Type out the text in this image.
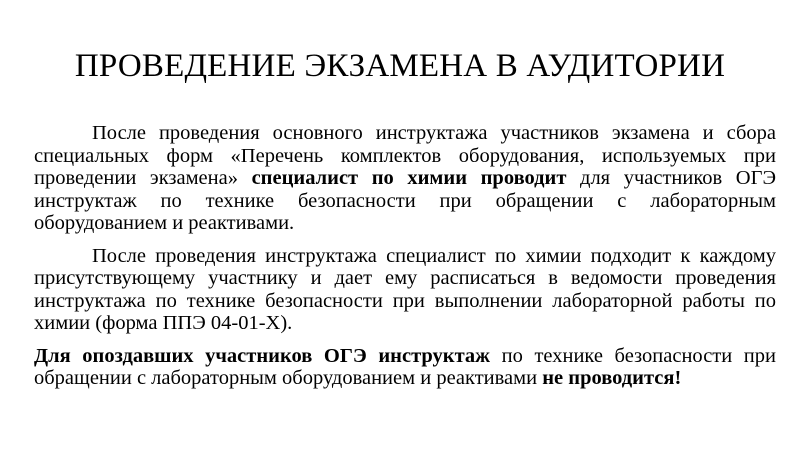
ПРОВЕДЕНИЕ ЭКЗАМЕНА В АУДИТОРИИ

После проведения основного инструктажа участников экзамена и сбора специальных форм «Перечень комплектов оборудования, используемых при проведении экзамена» специалист по химии проводит для участников ОГЭ инструктаж по технике безопасности при обращении с лабораторным оборудованием и реактивами.

После проведения инструктажа специалист по химии подходит к каждому присутствующему участнику и дает ему расписаться в ведомости проведения инструктажа по технике безопасности при выполнении лабораторной работы по химии (форма ППЭ 04-01-Х).

Для опоздавших участников ОГЭ инструктаж по технике безопасности при обращении с лабораторным оборудованием и реактивами не проводится!
